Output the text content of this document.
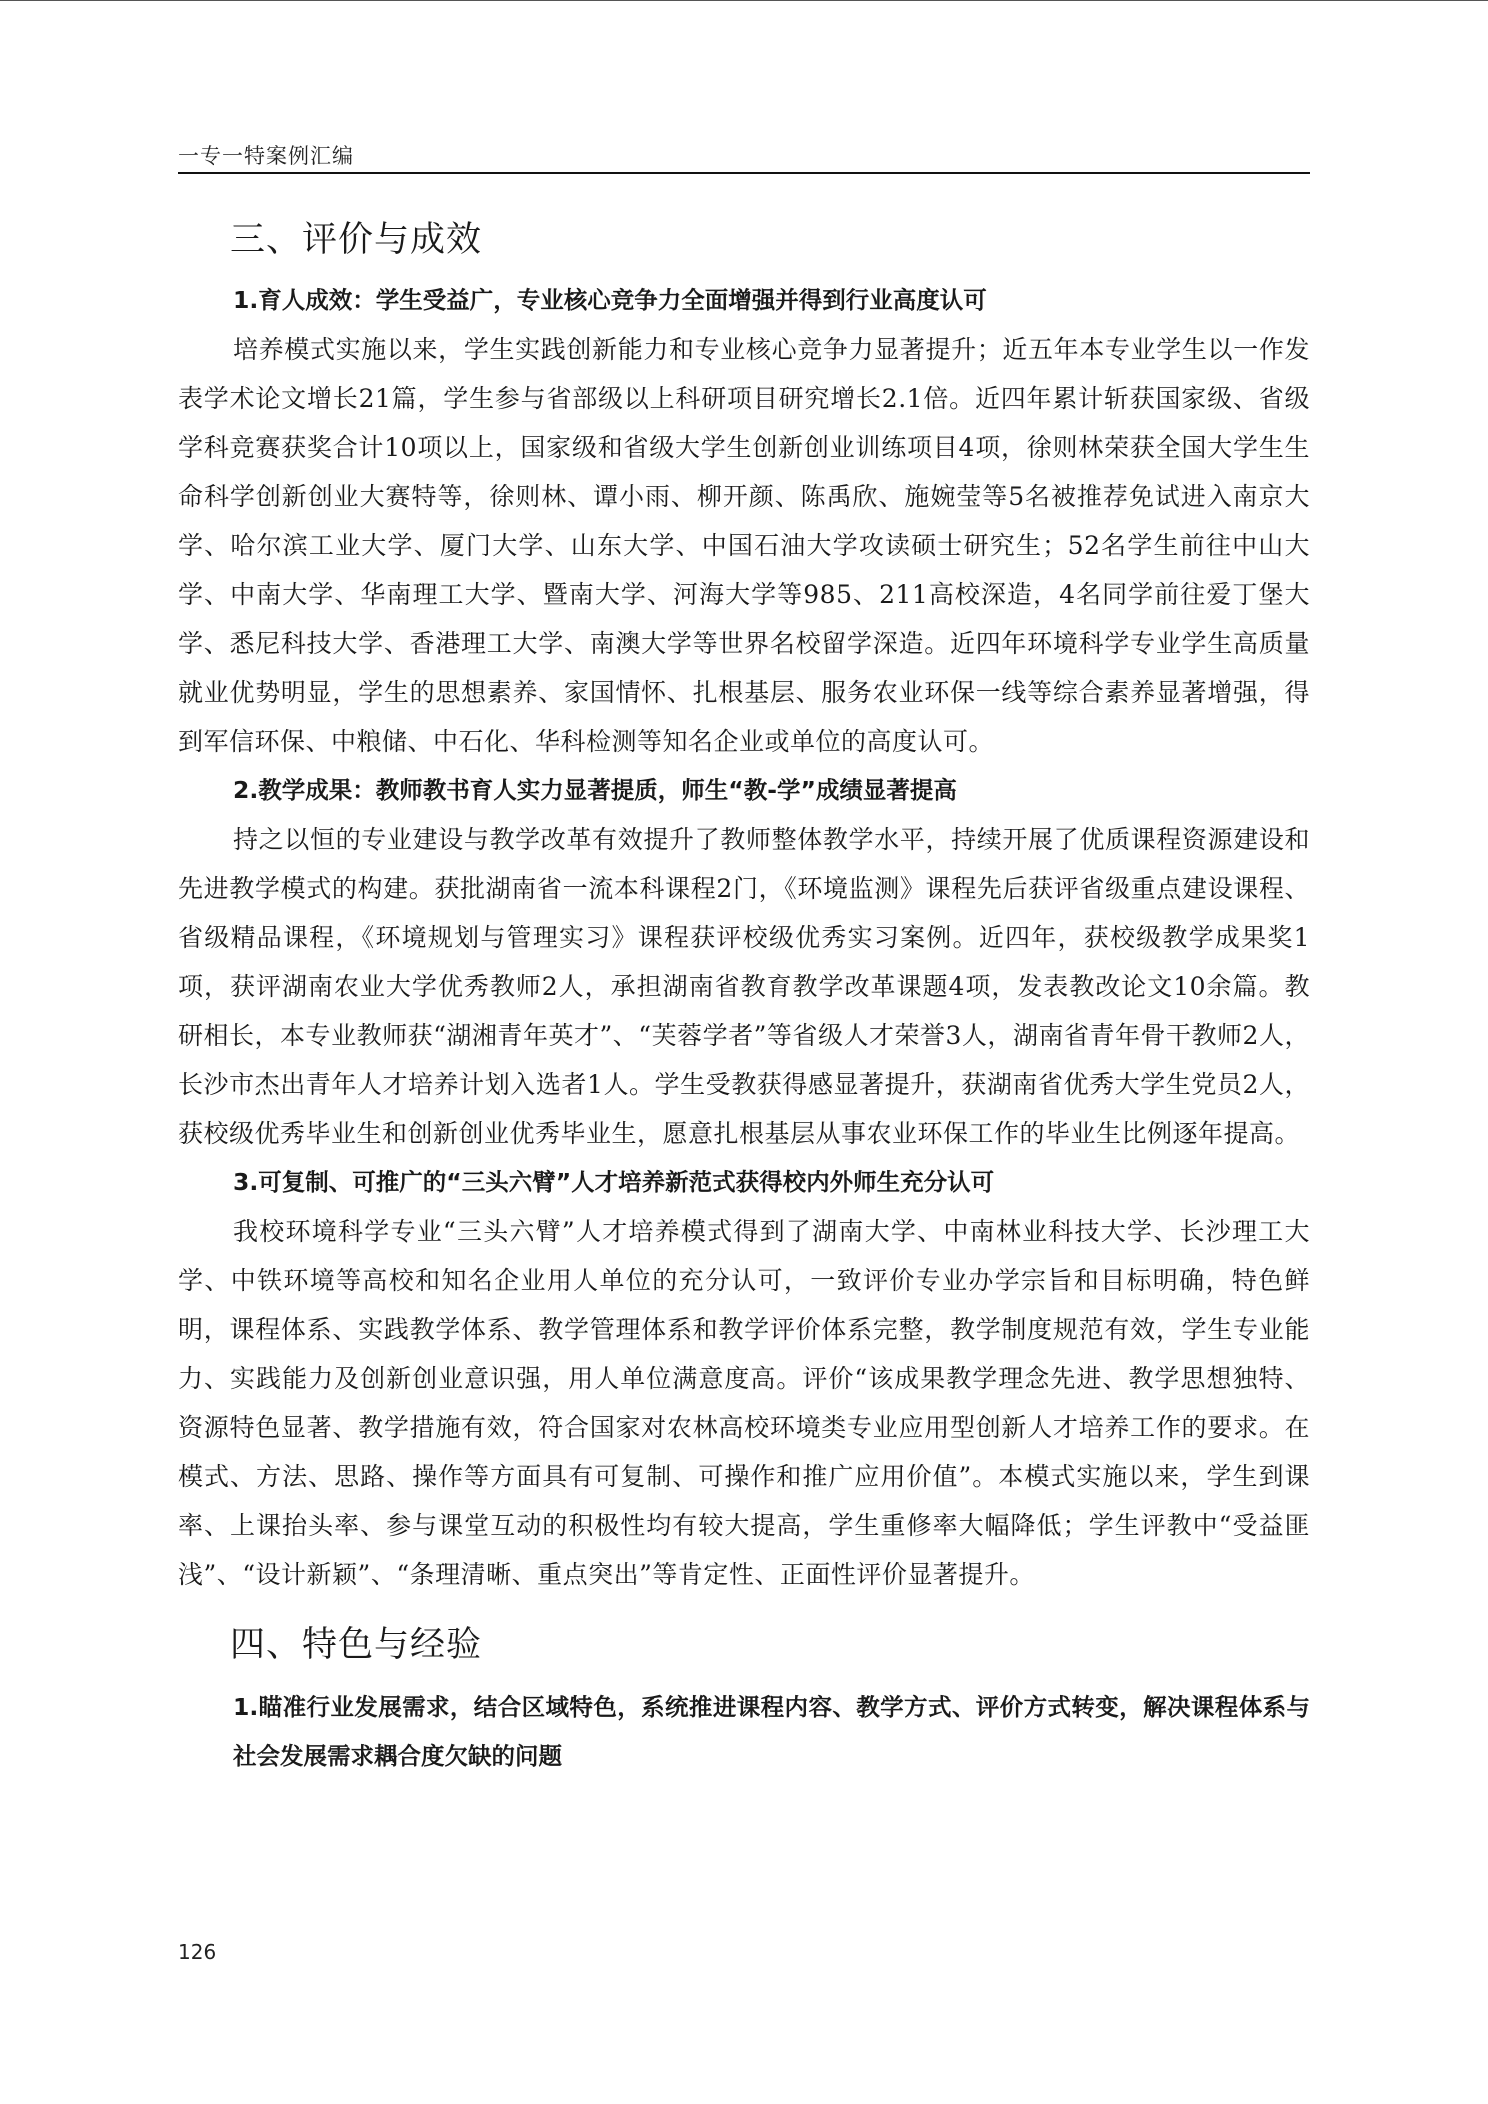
一专一特案例汇编
三、评价与成效
1.育人成效：学生受益广，专业核心竞争力全面增强并得到行业高度认可

培养模式实施以来，学生实践创新能力和专业核心竞争力显著提升；近五年本专业学生以一作发表学术论文增长21篇，学生参与省部级以上科研项目研究增长2.1倍。近四年累计斩获国家级、省级学科竞赛获奖合计10项以上，国家级和省级大学生创新创业训练项目4项，徐则林荣获全国大学生生命科学创新创业大赛特等，徐则林、谭小雨、柳开颜、陈禹欣、施婉莹等5名被推荐免试进入南京大学、哈尔滨工业大学、厦门大学、山东大学、中国石油大学攻读硕士研究生；52名学生前往中山大学、中南大学、华南理工大学、暨南大学、河海大学等985、211高校深造，4名同学前往爱丁堡大学、悉尼科技大学、香港理工大学、南澳大学等世界名校留学深造。近四年环境科学专业学生高质量就业优势明显，学生的思想素养、家国情怀、扎根基层、服务农业环保一线等综合素养显著增强，得到军信环保、中粮储、中石化、华科检测等知名企业或单位的高度认可。

2.教学成果：教师教书育人实力显著提质，师生“教-学”成绩显著提高

持之以恒的专业建设与教学改革有效提升了教师整体教学水平，持续开展了优质课程资源建设和先进教学模式的构建。获批湖南省一流本科课程2门，《环境监测》课程先后获评省级重点建设课程、省级精品课程，《环境规划与管理实习》课程获评校级优秀实习案例。近四年，获校级教学成果奖1项，获评湖南农业大学优秀教师2人，承担湖南省教育教学改革课题4项，发表教改论文10余篇。教研相长，本专业教师获“湖湘青年英才”、“芙蓉学者”等省级人才荣誉3人，湖南省青年骨干教师2人，长沙市杰出青年人才培养计划入选者1人。学生受教获得感显著提升，获湖南省优秀大学生党员2人，获校级优秀毕业生和创新创业优秀毕业生，愿意扎根基层从事农业环保工作的毕业生比例逐年提高。

3.可复制、可推广的“三头六臂”人才培养新范式获得校内外师生充分认可

我校环境科学专业“三头六臂”人才培养模式得到了湖南大学、中南林业科技大学、长沙理工大学、中铁环境等高校和知名企业用人单位的充分认可，一致评价专业办学宗旨和目标明确，特色鲜明，课程体系、实践教学体系、教学管理体系和教学评价体系完整，教学制度规范有效，学生专业能力、实践能力及创新创业意识强，用人单位满意度高。评价“该成果教学理念先进、教学思想独特、资源特色显著、教学措施有效，符合国家对农林高校环境类专业应用型创新人才培养工作的要求。在模式、方法、思路、操作等方面具有可复制、可操作和推广应用价值”。本模式实施以来，学生到课率、上课抬头率、参与课堂互动的积极性均有较大提高，学生重修率大幅降低；学生评教中“受益匪浅”、“设计新颖”、“条理清晰、重点突出”等肯定性、正面性评价显著提升。

四、特色与经验
1.瞄准行业发展需求，结合区域特色，系统推进课程内容、教学方式、评价方式转变，解决课程体系与社会发展需求耦合度欠缺的问题
126
